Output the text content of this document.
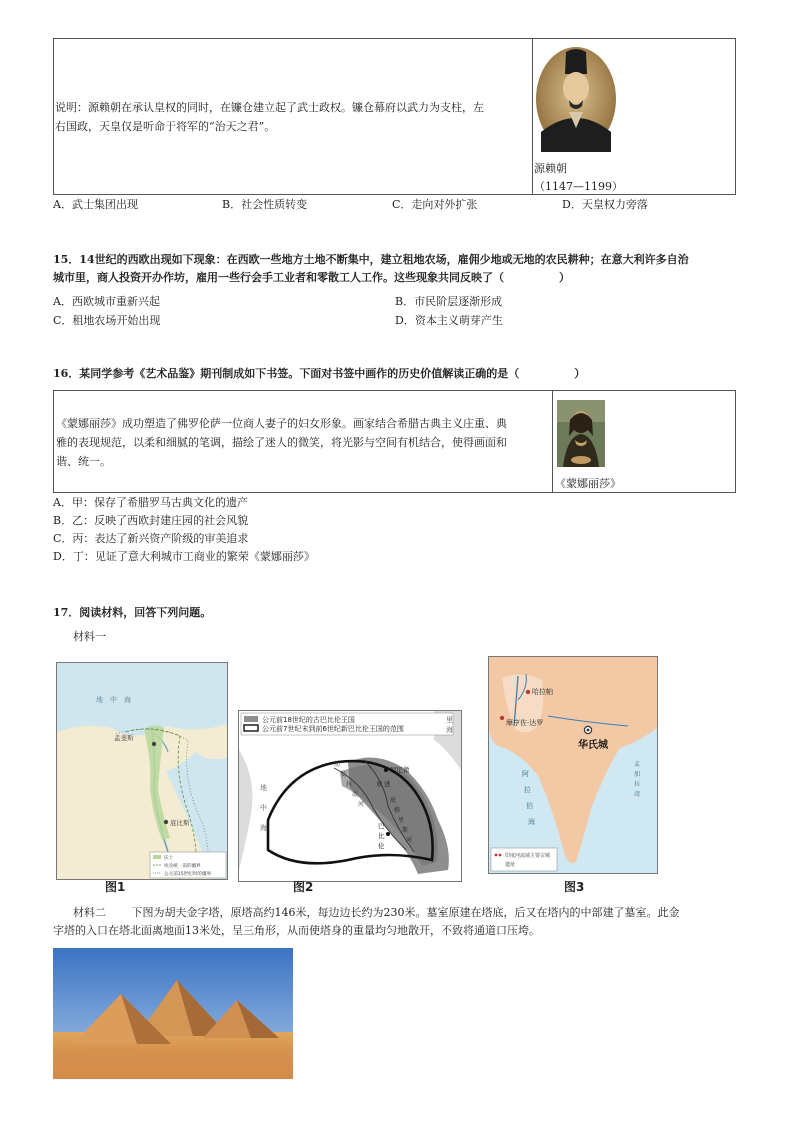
说明：源赖朝在承认皇权的同时，在镰仓建立起了武士政权。镰仓幕府以武力为支柱，左
右国政，天皇仅是听命于将军的“治天之君”。
源赖朝
（1147—1199）
A．武士集团出现	B．社会性质转变	C．走向对外扩张	D．天皇权力旁落
15．14世纪的西欧出现如下现象：在西欧一些地方土地不断集中，建立租地农场，雇佣少地或无地的农民耕种；在意大利许多自治
城市里，商人投资开办作坊，雇用一些行会手工业者和零散工人工作。这些现象共同反映了（　　　　　）
A．西欧城市重新兴起	B．市民阶层逐渐形成
C．租地农场开始出现	D．资本主义萌芽产生
16．某同学参考《艺术品鉴》期刊制成如下书签。下面对书签中画作的历史价值解读正确的是（　　　　　）
《蒙娜丽莎》成功塑造了佛罗伦萨一位商人妻子的妇女形象。画家结合希腊古典主义庄重、典
雅的表现规范，以柔和细腻的笔调，描绘了迷人的微笑，将光影与空间有机结合，使得画面和
谐、统一。
《蒙娜丽莎》
A．甲：保存了希腊罗马古典文化的遗产
B．乙：反映了西欧封建庄园的社会风貌
C．丙：表达了新兴资产阶级的审美追求
D．丁：见证了意大利城市工商业的繁荣《蒙娜丽莎》
17．阅读材料，回答下列问题。
材料一
地　中　海
孟斐斯
底比斯
沃土
埃及统一前的疆界
公元前15世纪时的疆界
图1
公元前18世纪的古巴比伦王国
公元前7世纪末到前6世纪新巴比伦王国的范围
地
中
海
里
海
幼
发
拉
底
河
底
格
里
斯
河
尼尼微
亚 述
巴
比
伦
图2
哈拉帕
摩亨佐·达罗
华氏城
阿
拉
伯
海
孟
加
拉
湾
印度河流域主要古城
遗址
图3
材料二　　 下图为胡夫金字塔，原塔高约146米，每边边长约为230米。墓室原建在塔底，后又在塔内的中部建了墓室。此金
字塔的入口在塔北面离地面13米处，呈三角形，从而使塔身的重量均匀地散开，不致将通道口压垮。
